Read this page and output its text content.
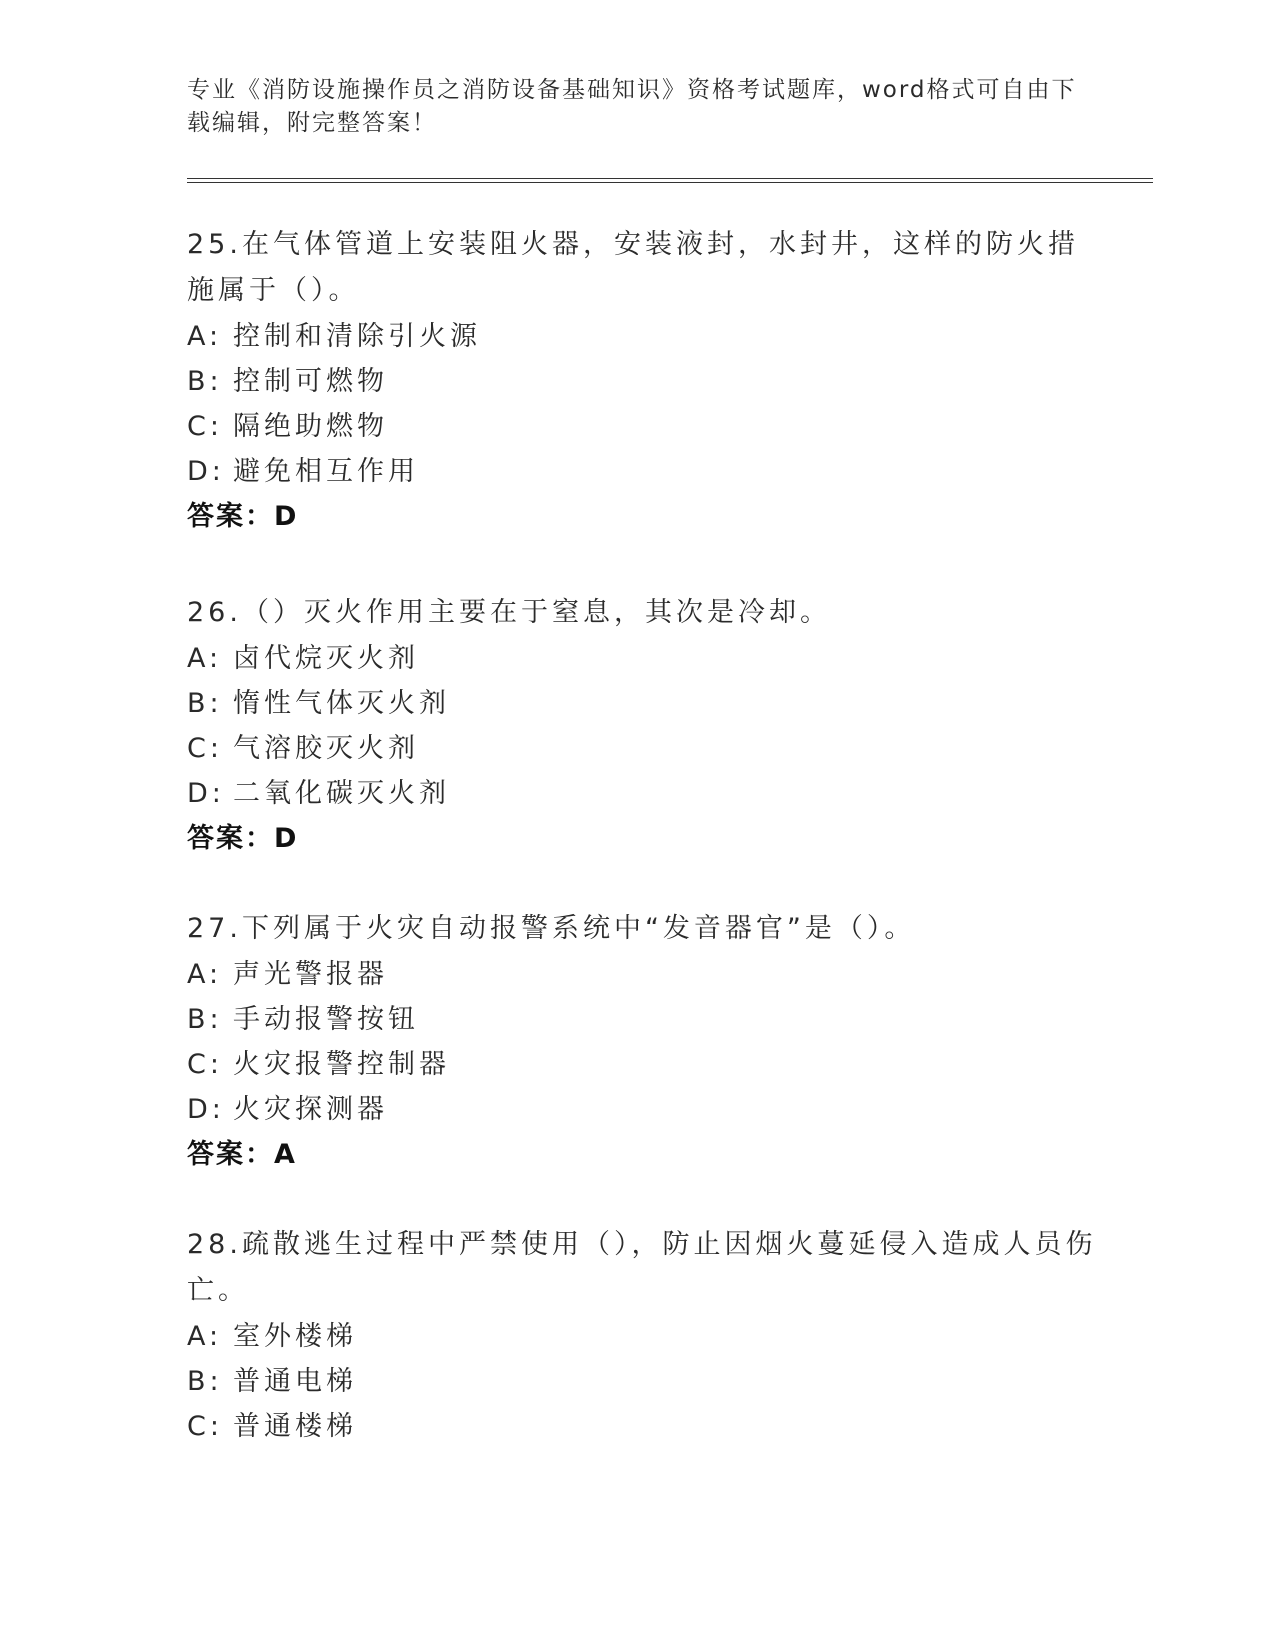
专业《消防设施操作员之消防设备基础知识》资格考试题库，word格式可自由下载编辑，附完整答案！

25.在气体管道上安装阻火器，安装液封，水封井，这样的防火措施属于（）。

A: 控制和清除引火源
B: 控制可燃物
C: 隔绝助燃物
D: 避免相互作用
答案：D

26.（）灭火作用主要在于窒息，其次是冷却。

A: 卤代烷灭火剂
B: 惰性气体灭火剂
C: 气溶胶灭火剂
D: 二氧化碳灭火剂
答案：D

27.下列属于火灾自动报警系统中“发音器官”是（）。

A: 声光警报器
B: 手动报警按钮
C: 火灾报警控制器
D: 火灾探测器
答案：A

28.疏散逃生过程中严禁使用（），防止因烟火蔓延侵入造成人员伤亡。

A: 室外楼梯
B: 普通电梯
C: 普通楼梯
